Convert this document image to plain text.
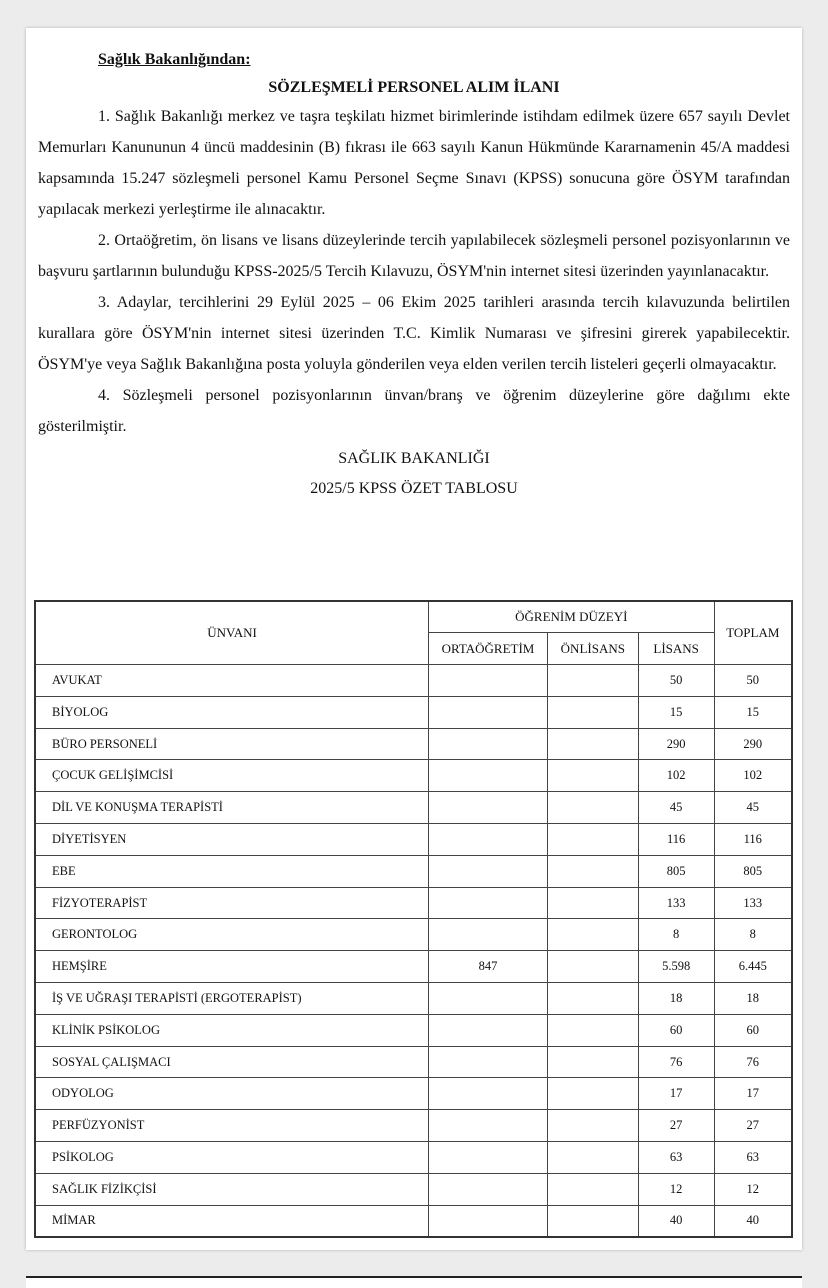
Sağlık Bakanlığından:
SÖZLEŞMELİ PERSONEL ALIM İLANI

1. Sağlık Bakanlığı merkez ve taşra teşkilatı hizmet birimlerinde istihdam edilmek üzere 657 sayılı Devlet Memurları Kanununun 4 üncü maddesinin (B) fıkrası ile 663 sayılı Kanun Hükmünde Kararnamenin 45/A maddesi kapsamında 15.247 sözleşmeli personel Kamu Personel Seçme Sınavı (KPSS) sonucuna göre ÖSYM tarafından yapılacak merkezi yerleştirme ile alınacaktır.

2. Ortaöğretim, ön lisans ve lisans düzeylerinde tercih yapılabilecek sözleşmeli personel pozisyonlarının ve başvuru şartlarının bulunduğu KPSS-2025/5 Tercih Kılavuzu, ÖSYM'nin internet sitesi üzerinden yayınlanacaktır.

3. Adaylar, tercihlerini 29 Eylül 2025 – 06 Ekim 2025 tarihleri arasında tercih kılavuzunda belirtilen kurallara göre ÖSYM'nin internet sitesi üzerinden T.C. Kimlik Numarası ve şifresini girerek yapabilecektir. ÖSYM'ye veya Sağlık Bakanlığına posta yoluyla gönderilen veya elden verilen tercih listeleri geçerli olmayacaktır.

4. Sözleşmeli personel pozisyonlarının ünvan/branş ve öğrenim düzeylerine göre dağılımı ekte gösterilmiştir.

SAĞLIK BAKANLIĞI
2025/5 KPSS ÖZET TABLOSU
ÜNVANI	ÖĞRENİM DÜZEYİ			TOPLAM
	ORTAÖĞRETİM	ÖNLİSANS	LİSANS	
AVUKAT			50	50
BİYOLOG			15	15
BÜRO PERSONELİ			290	290
ÇOCUK GELİŞİMCİSİ			102	102
DİL VE KONUŞMA TERAPİSTİ			45	45
DİYETİSYEN			116	116
EBE			805	805
FİZYOTERAPİST			133	133
GERONTOLOG			8	8
HEMŞİRE	847		5.598	6.445
İŞ VE UĞRAŞI TERAPİSTİ (ERGOTERAPİST)			18	18
KLİNİK PSİKOLOG			60	60
SOSYAL ÇALIŞMACI			76	76
ODYOLOG			17	17
PERFÜZYONİST			27	27
PSİKOLOG			63	63
SAĞLIK FİZİKÇİSİ			12	12
MİMAR			40	40
